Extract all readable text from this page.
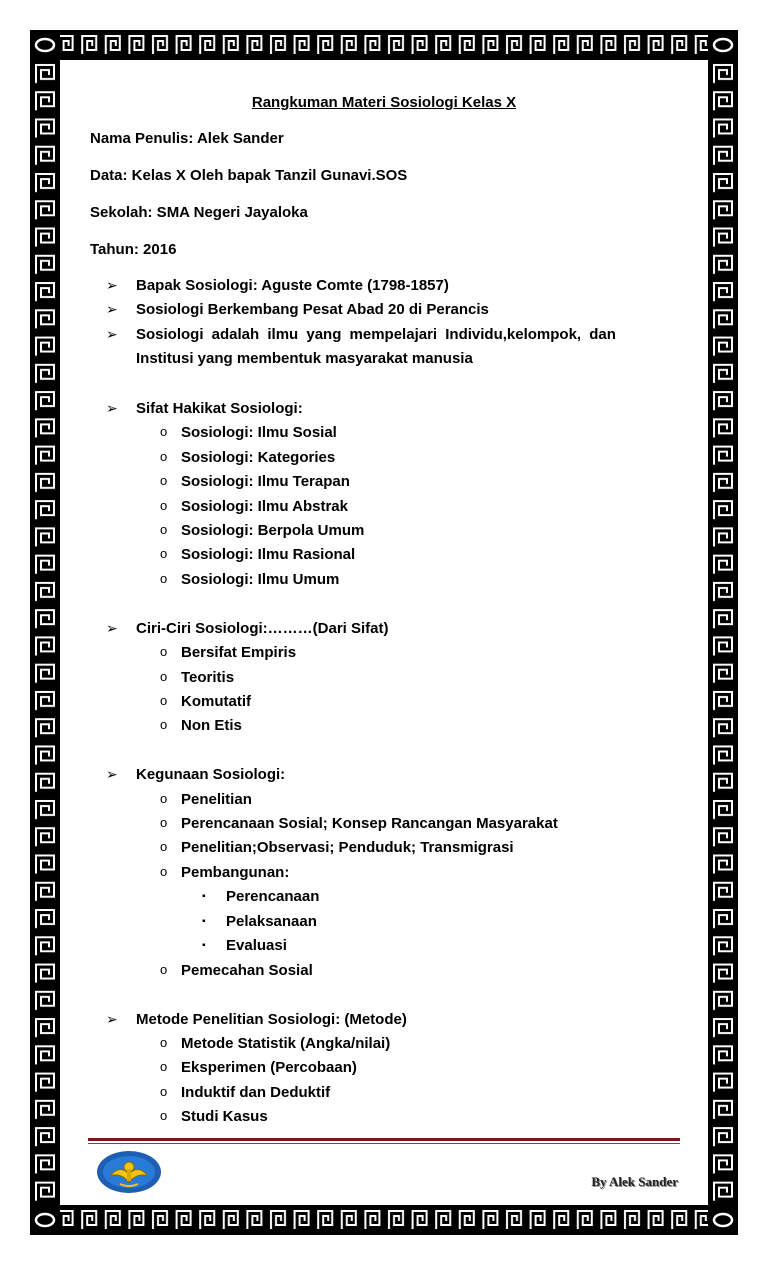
Rangkuman Materi Sosiologi Kelas X
Nama Penulis: Alek Sander
Data: Kelas X Oleh bapak Tanzil Gunavi.SOS
Sekolah: SMA Negeri Jayaloka
Tahun: 2016
➢ Bapak Sosiologi: Aguste Comte (1798-1857)
➢ Sosiologi Berkembang Pesat Abad 20 di Perancis
➢ Sosiologi adalah ilmu yang mempelajari Individu,kelompok, dan
Institusi yang membentuk masyarakat manusia
➢ Sifat Hakikat Sosiologi:
o Sosiologi: Ilmu Sosial
o Sosiologi: Kategories
o Sosiologi: Ilmu Terapan
o Sosiologi: Ilmu Abstrak
o Sosiologi: Berpola Umum
o Sosiologi: Ilmu Rasional
o Sosiologi: Ilmu Umum
➢ Ciri-Ciri Sosiologi:………(Dari Sifat)
o Bersifat Empiris
o Teoritis
o Komutatif
o Non Etis
➢ Kegunaan Sosiologi:
o Penelitian
o Perencanaan Sosial; Konsep Rancangan Masyarakat
o Penelitian;Observasi; Penduduk; Transmigrasi
o Pembangunan:
▪ Perencanaan
▪ Pelaksanaan
▪ Evaluasi
o Pemecahan Sosial
➢ Metode Penelitian Sosiologi: (Metode)
o Metode Statistik (Angka/nilai)
o Eksperimen (Percobaan)
o Induktif dan Deduktif
o Studi Kasus
By Alek Sander
